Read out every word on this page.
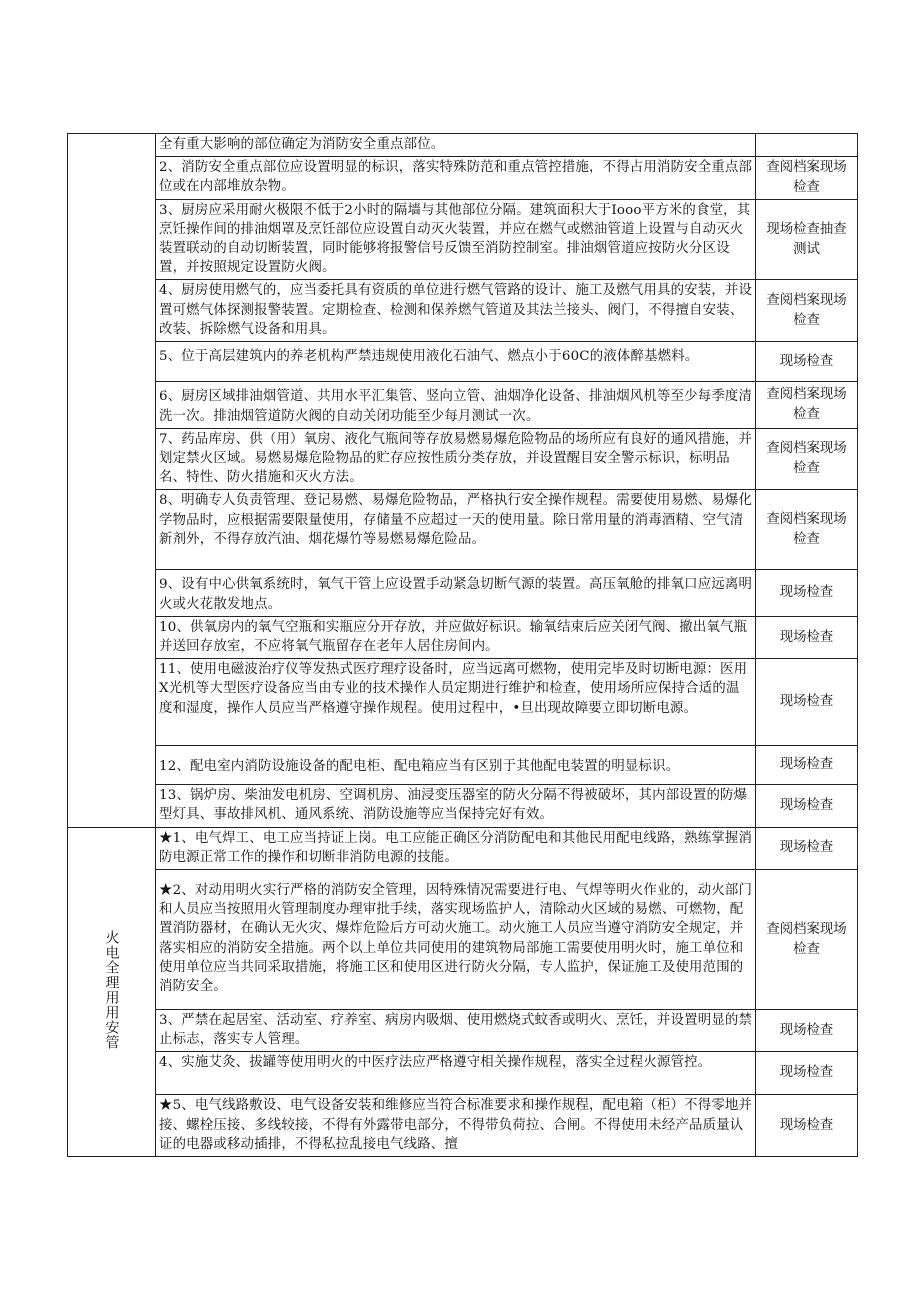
	全有重大影响的部位确定为消防安全重点部位。	
	2、消防安全重点部位应设置明显的标识，落实特殊防范和重点管控措施，不得占用消防安全重点部位或在内部堆放杂物。	查阅档案现场检查
	3、厨房应采用耐火极限不低于2小时的隔墙与其他部位分隔。建筑面积大于Iooo平方米的食堂，其烹饪操作间的排油烟罩及烹饪部位应设置自动灭火装置，并应在燃气或燃油管道上设置与自动灭火装置联动的自动切断装置，同时能够将报警信号反馈至消防控制室。排油烟管道应按防火分区设置，并按照规定设置防火阀。	现场检查抽查测试
	4、厨房使用燃气的，应当委托具有资质的单位进行燃气管路的设计、施工及燃气用具的安装，并设置可燃气体探测报警装置。定期检查、检测和保养燃气管道及其法兰接头、阀门，不得擅自安装、改装、拆除燃气设备和用具。	查阅档案现场检查
	5、位于高层建筑内的养老机构严禁违规使用液化石油气、燃点小于60C的液体醉基燃料。	现场检查
	6、厨房区域排油烟管道、共用水平汇集管、竖向立管、油烟净化设备、排油烟风机等至少每季度清洗一次。排油烟管道防火阀的自动关闭功能至少每月测试一次。	查阅档案现场检查
	7、药品库房、供（用）氧房、液化气瓶间等存放易燃易爆危险物品的场所应有良好的通风措施，并划定禁火区域。易燃易爆危险物品的贮存应按性质分类存放，并设置醒目安全警示标识，标明品名、特性、防火措施和灭火方法。	查阅档案现场检查
	8、明确专人负责管理、登记易燃、易爆危险物品，严格执行安全操作规程。需要使用易燃、易爆化学物品时，应根据需要限量使用，存储量不应超过一天的使用量。除日常用量的消毒酒精、空气清新剂外，不得存放汽油、烟花爆竹等易燃易爆危险品。	查阅档案现场检查
	9、设有中心供氧系统时，氧气干管上应设置手动紧急切断气源的装置。高压氧舱的排氧口应远离明火或火花散发地点。	现场检查
	10、供氧房内的氧气空瓶和实瓶应分开存放，并应做好标识。输氧结束后应关闭气阀、撤出氧气瓶并送回存放室，不应将氧气瓶留存在老年人居住房间内。	现场检查
	11、使用电磁波治疗仪等发热式医疗理疗设备时，应当远离可燃物，使用完毕及时切断电源：医用X光机等大型医疗设备应当由专业的技术操作人员定期进行维护和检查，使用场所应保持合适的温度和湿度，操作人员应当严格遵守操作规程。使用过程中，•旦出现故障要立即切断电源。	现场检查
	12、配电室内消防设施设备的配电柜、配电箱应当有区别于其他配电装置的明显标识。	现场检查
	13、锅炉房、柴油发电机房、空调机房、油浸变压器室的防火分隔不得被破坏，其内部设置的防爆型灯具、事故排风机、通风系统、消防设施等应当保持完好有效。	现场检查
火电全理用用安管	★1、电气焊工、电工应当持证上岗。电工应能正确区分消防配电和其他民用配电线路，熟练掌握消防电源正常工作的操作和切断非消防电源的技能。	现场检查
	★2、对动用明火实行严格的消防安全管理，因特殊情况需要进行电、气焊等明火作业的，动火部门和人员应当按照用火管理制度办理审批手续，落实现场监护人，清除动火区域的易燃、可燃物，配置消防器材，在确认无火灾、爆炸危险后方可动火施工。动火施工人员应当遵守消防安全规定，并落实相应的消防安全措施。两个以上单位共同使用的建筑物局部施工需要使用明火时，施工单位和使用单位应当共同采取措施，将施工区和使用区进行防火分隔，专人监护，保证施工及使用范围的消防安全。	查阅档案现场检查
	3、严禁在起居室、活动室、疗养室、病房内吸烟、使用燃烧式蚊香或明火、烹饪，并设置明显的禁止标志，落实专人管理。	现场检查
	4、实施艾灸、拔罐等使用明火的中医疗法应严格遵守相关操作规程，落实全过程火源管控。	现场检查
	★5、电气线路敷设、电气设备安装和维修应当符合标准要求和操作规程，配电箱（柜）不得零地并接、螺栓压接、多线较接，不得有外露带电部分，不得带负荷拉、合闸。不得使用未经产品质量认证的电器或移动插排，不得私拉乱接电气线路、擅	现场检查
